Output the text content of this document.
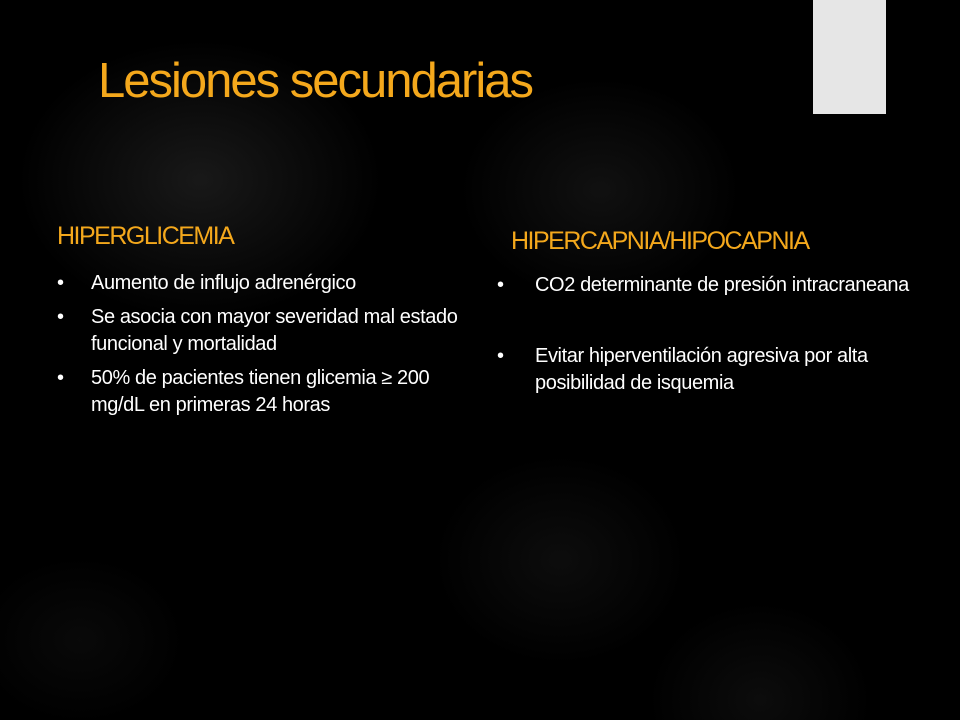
Lesiones secundarias
HIPERGLICEMIA
• Aumento de influjo adrenérgico
• Se asocia con mayor severidad mal estado funcional y mortalidad
• 50% de pacientes tienen glicemia ≥ 200 mg/dL en primeras 24 horas
HIPERCAPNIA/HIPOCAPNIA
• CO2 determinante de presión intracraneana
• Evitar hiperventilación agresiva por alta posibilidad de isquemia
